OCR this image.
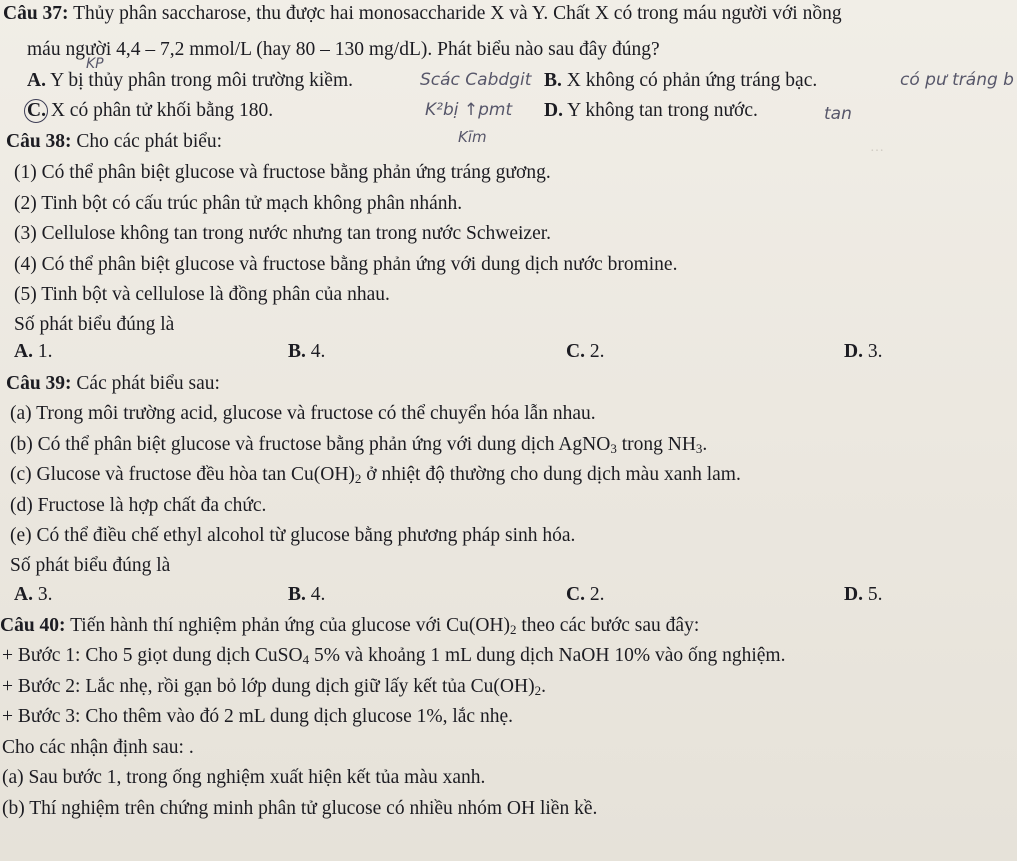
…
Câu 37: Thủy phân saccharose, thu được hai monosaccharide X và Y. Chất X có trong máu người với nồng
máu người 4,4 – 7,2 mmol/L (hay 80 – 130 mg/dL). Phát biểu nào sau đây đúng?
A. Y bị thủy phân trong môi trường kiềm.	B. X không có phản ứng tráng bạc.
C. X có phân tử khối bằng 180.	D. Y không tan trong nước.
KP
Scác Cabdgit	có pư tráng b
K²bị ↑pmt	tan
Kīm
Câu 38: Cho các phát biểu:
(1) Có thể phân biệt glucose và fructose bằng phản ứng tráng gương.
(2) Tinh bột có cấu trúc phân tử mạch không phân nhánh.
(3) Cellulose không tan trong nước nhưng tan trong nước Schweizer.
(4) Có thể phân biệt glucose và fructose bằng phản ứng với dung dịch nước bromine.
(5) Tinh bột và cellulose là đồng phân của nhau.
Số phát biểu đúng là
A. 1.	B. 4.	C. 2.	D. 3.
Câu 39: Các phát biểu sau:
(a) Trong môi trường acid, glucose và fructose có thể chuyển hóa lẫn nhau.
(b) Có thể phân biệt glucose và fructose bằng phản ứng với dung dịch AgNO$_3$ trong $NH_3$.
(c) Glucose và fructose đều hòa $\tan Cu(OH)_2$ ở nhiệt độ thường cho dung dịch màu xanh lam.
(d) Fructose là hợp chất đa chức.
(e) Có thể điều chế ethyl alcohol từ glucose bằng phương pháp sinh hóa.
Số phát biểu đúng là
A. 3.	B. 4.	C. 2.	D. 5.
Câu 40: Tiến hành thí nghiệm phản ứng của glucose với $Cu(OH)_2$ theo các bước sau đây:
+ Bước 1: Cho 5 giọt dung dịch CuSO$_4$ 5% và khoảng 1 mL dung dịch NaOH 10% vào ống nghiệm.
+ Bước 2: Lắc nhẹ, rồi gạn bỏ lớp dung dịch giữ lấy kết tủa $Cu(OH)_2$.
+ Bước 3: Cho thêm vào đó 2 mL dung dịch glucose 1%, lắc nhẹ.
Cho các nhận định sau: .
(a) Sau bước 1, trong ống nghiệm xuất hiện kết tủa màu xanh.
(b) Thí nghiệm trên chứng minh phân tử glucose có nhiều nhóm OH liền kề.
